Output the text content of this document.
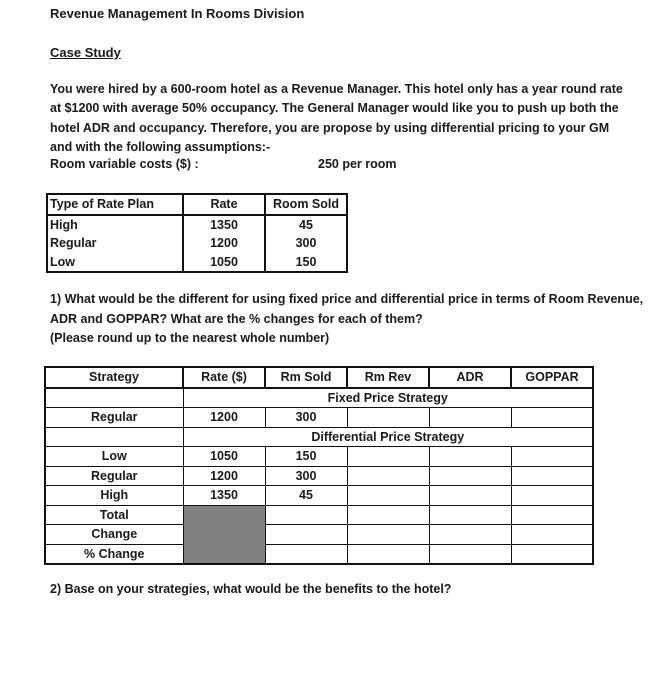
Revenue Management In Rooms Division
Case Study
You were hired by a 600-room hotel as a Revenue Manager. This hotel only has a year round rate
at $1200 with average 50% occupancy. The General Manager would like you to push up both the
hotel ADR and occupancy. Therefore, you are propose by using differential pricing to your GM
and with the following assumptions:-
Room variable costs ($) :	250 per room
Type of Rate Plan	Rate	Room Sold
High	1350	45
Regular	1200	300
Low	1050	150
1) What would be the different for using fixed price and differential price in terms of Room Revenue,
ADR and GOPPAR? What are the % changes for each of them?
(Please round up to the nearest whole number)
Strategy	Rate ($)	Rm Sold	Rm Rev	ADR	GOPPAR
	Fixed Price Strategy				
Regular	1200	300			
	Differential Price Strategy				
Low	1050	150			
Regular	1200	300			
High	1350	45			
Total					
Change					
% Change					
2) Base on your strategies, what would be the benefits to the hotel?
